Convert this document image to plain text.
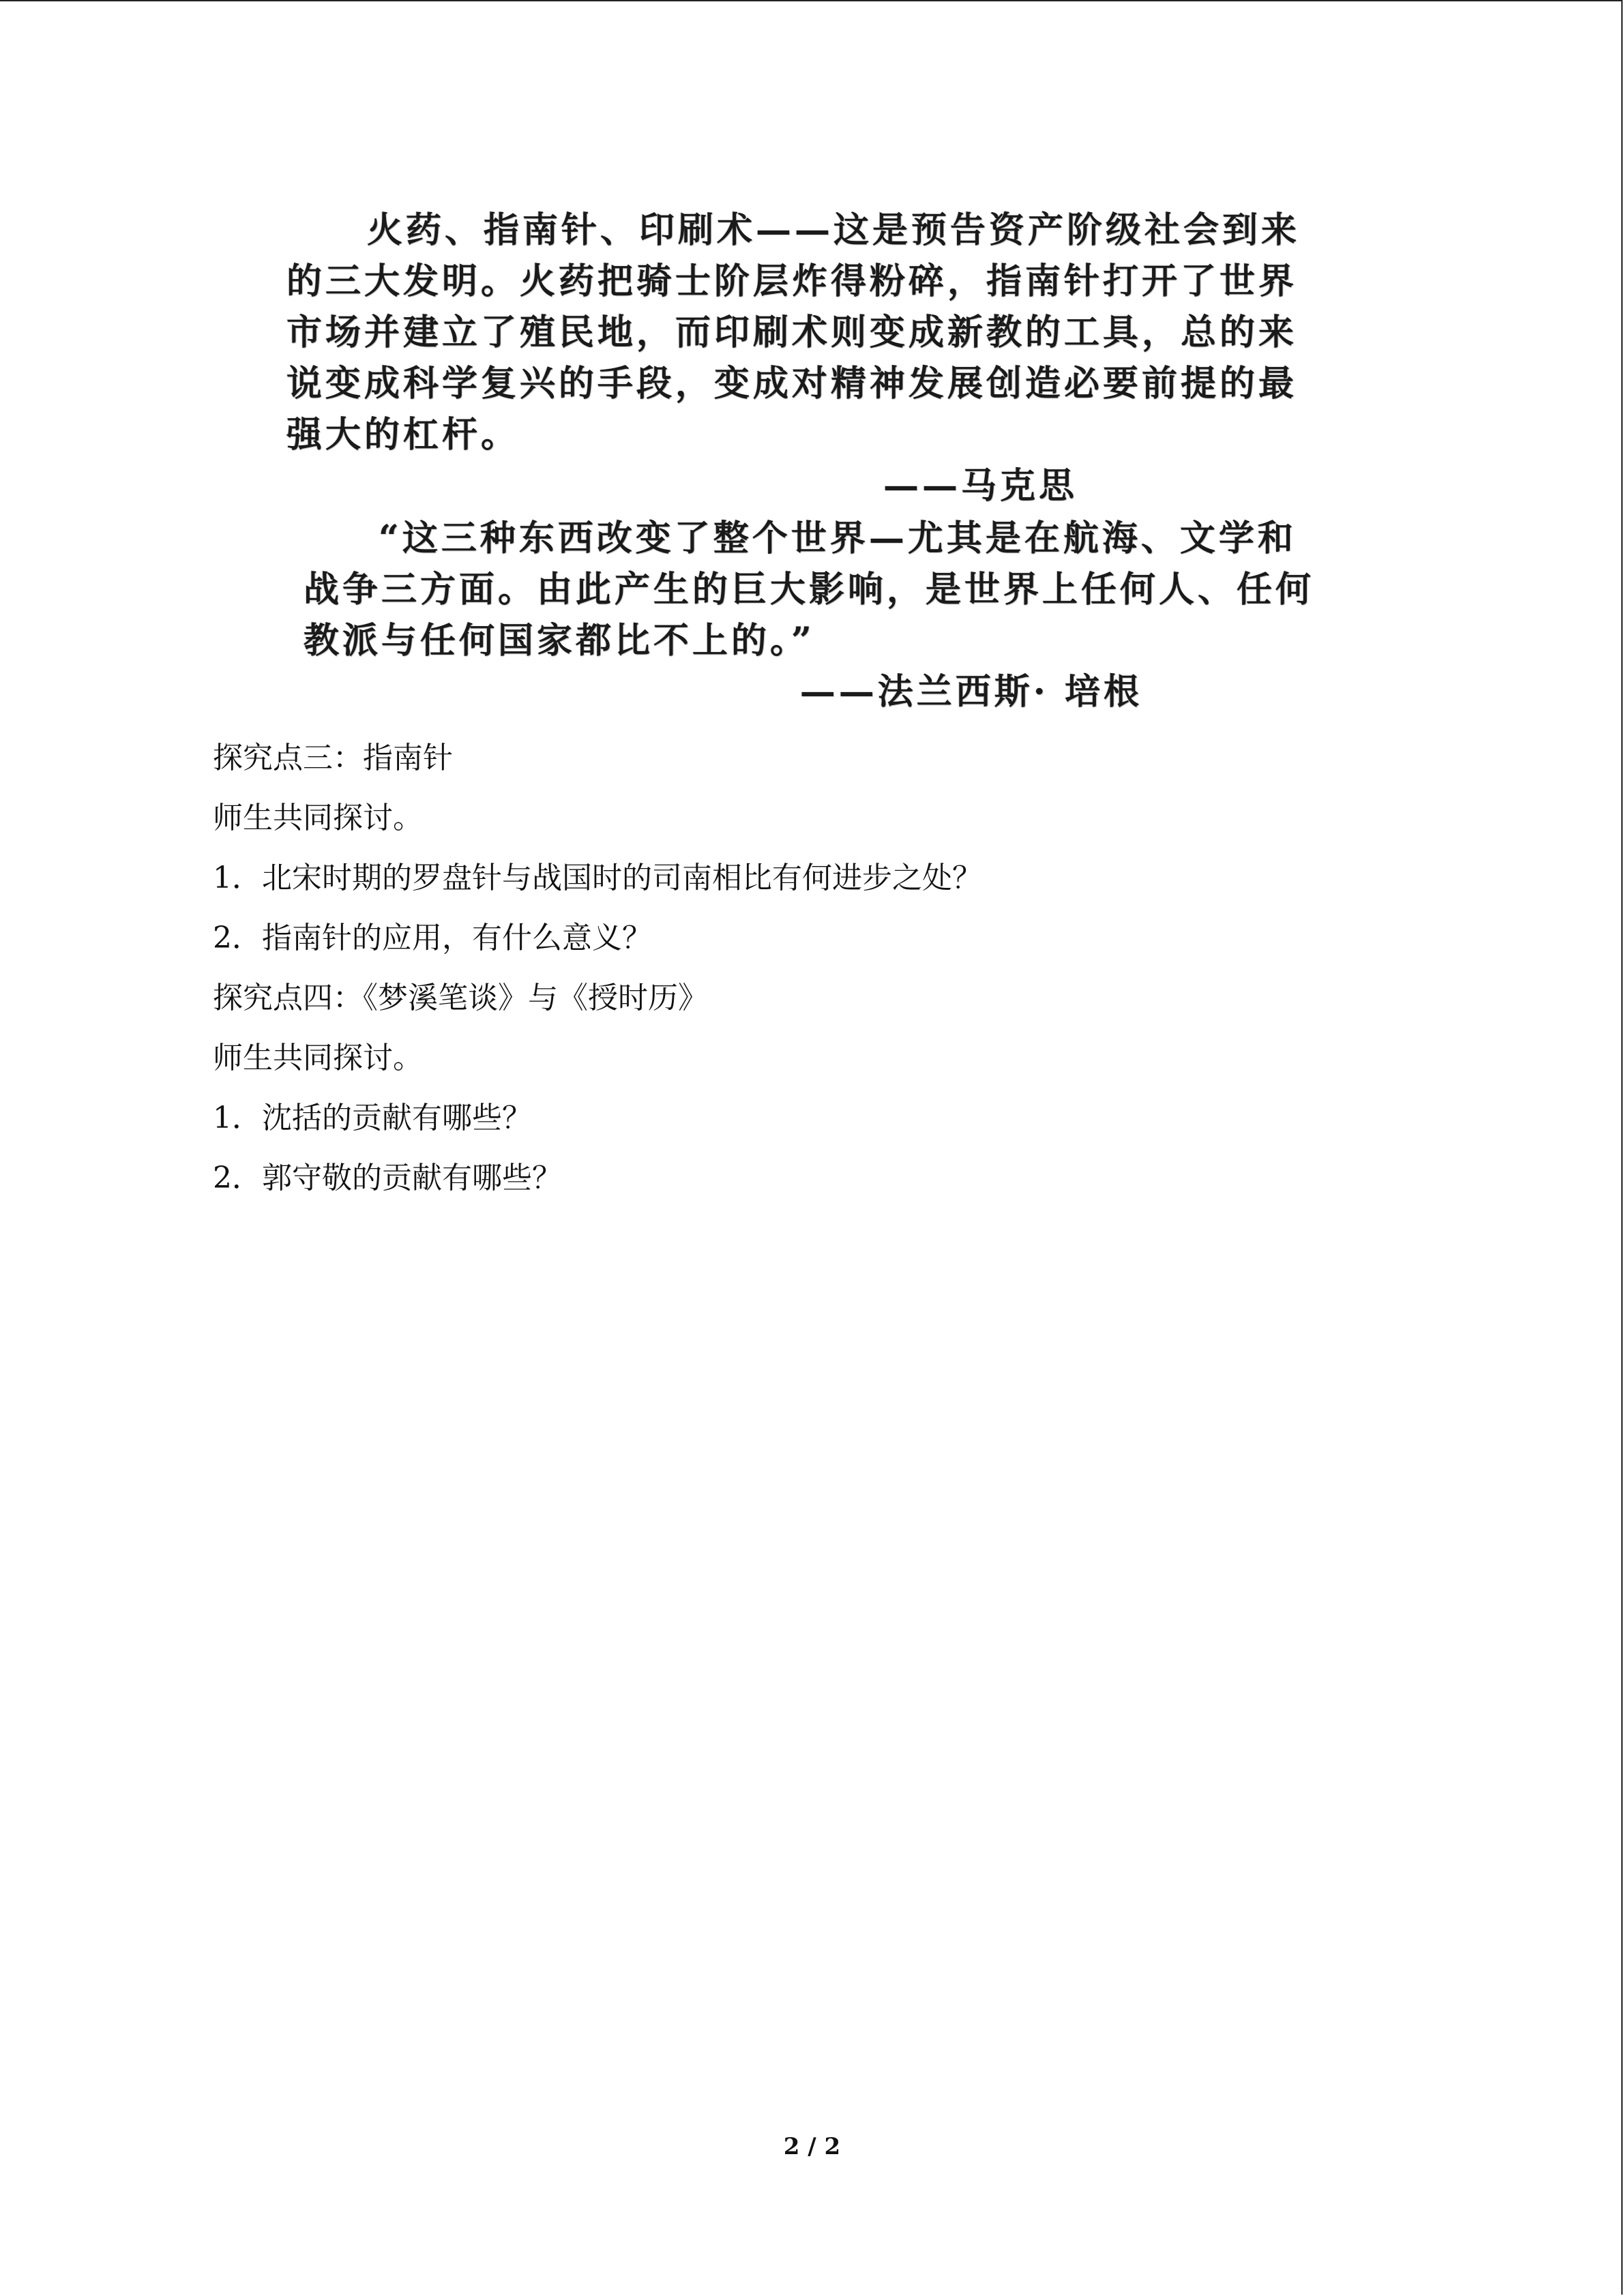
火药、指南针、印刷术——这是预告资产阶级社会到来
的三大发明。火药把骑士阶层炸得粉碎，指南针打开了世界
市场并建立了殖民地，而印刷术则变成新教的工具，总的来
说变成科学复兴的手段，变成对精神发展创造必要前提的最
强大的杠杆。
——马克思
“这三种东西改变了整个世界—尤其是在航海、文学和
战争三方面。由此产生的巨大影响，是世界上任何人、任何
教派与任何国家都比不上的。”
——法兰西斯· 培根
探究点三：指南针
师生共同探讨。
1．北宋时期的罗盘针与战国时的司南相比有何进步之处？
2．指南针的应用，有什么意义？
探究点四：《梦溪笔谈》与《授时历》
师生共同探讨。
1．沈括的贡献有哪些？
2．郭守敬的贡献有哪些？
2 / 2
